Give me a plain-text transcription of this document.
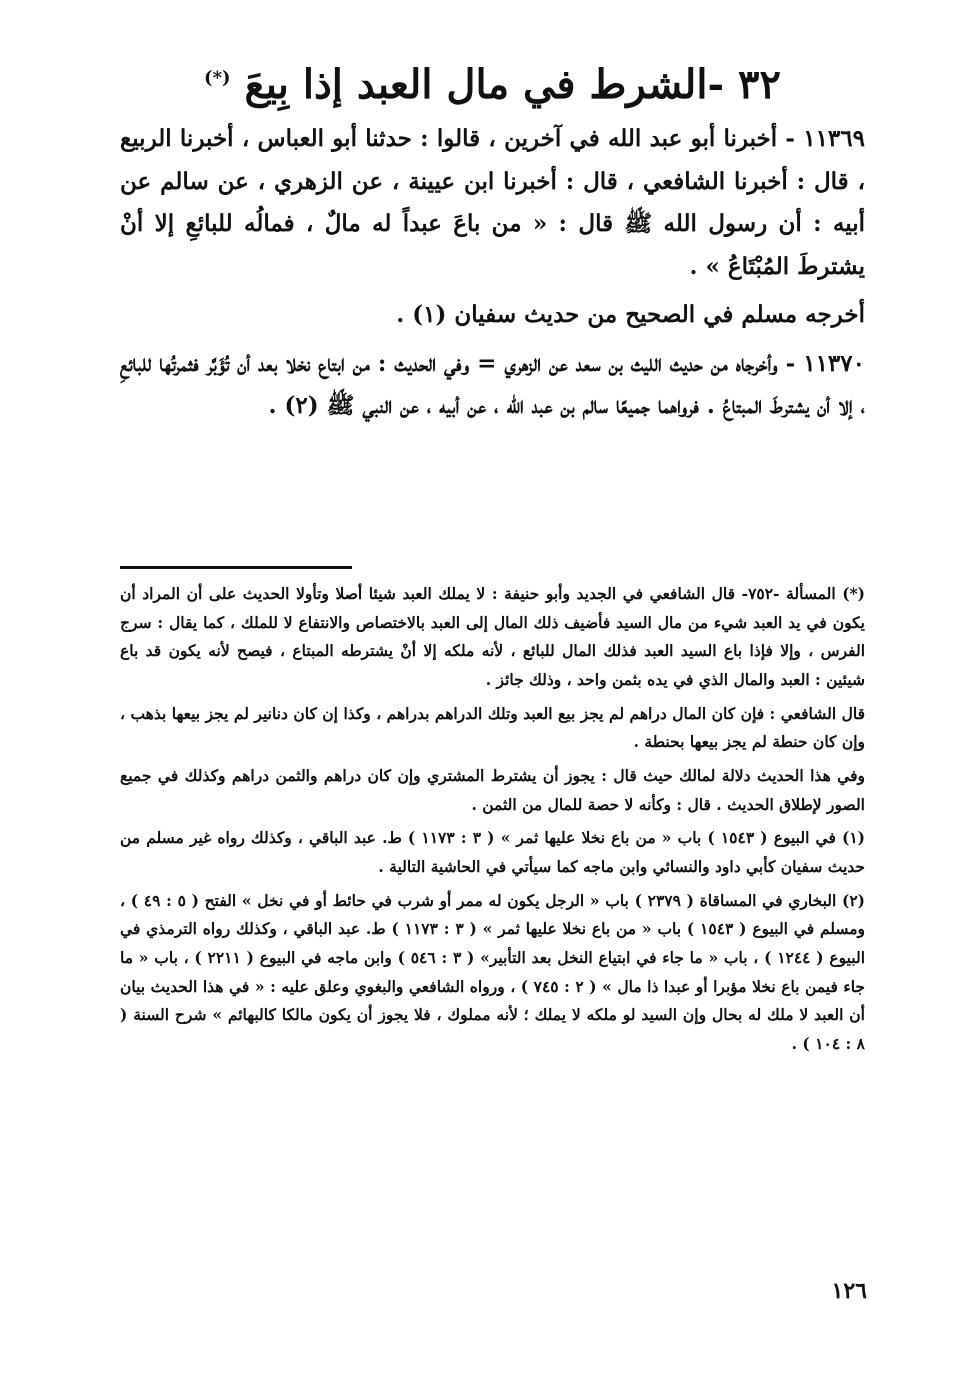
٣٢ -الشرط في مال العبد إذا بِيعَ (*)

١١٣٦٩ - أخبرنا أبو عبد الله في آخرين ، قالوا : حدثنا أبو العباس ، أخبرنا الربيع ، قال : أخبرنا الشافعي ، قال : أخبرنا ابن عيينة ، عن الزهري ، عن سالم عن أبيه : أن رسول الله ﷺ قال : « من باعَ عبداً له مالٌ ، فمالُه للبائعِ إلا أنْ يشترطَ المُبْتَاعُ » .

أخرجه مسلم في الصحيح من حديث سفيان (١) .

١١٣٧٠ - وأخرجاه من حديث الليث بن سعد عن الزهري = وفي الحديث : من ابتاع نخلا بعد أن تُؤَبَّر فثمرتُها للبائعِ ، إلا أن يشترطَ المبتاعُ . فرواهما جميعًا سالم بن عبد الله ، عن أبيه ، عن النبي ﷺ (٢) .

(*) المسألة -٧٥٢- قال الشافعي في الجديد وأبو حنيفة : لا يملك العبد شيئا أصلا وتأولا الحديث على أن المراد أن يكون في يد العبد شيء من مال السيد فأضيف ذلك المال إلى العبد بالاختصاص والانتفاع لا للملك ، كما يقال : سرج الفرس ، وإلا فإذا باع السيد العبد فذلك المال للبائع ، لأنه ملكه إلا أنْ يشترطه المبتاع ، فيصح لأنه يكون قد باع شيئين : العبد والمال الذي في يده بثمن واحد ، وذلك جائز .

قال الشافعي : فإن كان المال دراهم لم يجز بيع العبد وتلك الدراهم بدراهم ، وكذا إن كان دنانير لم يجز بيعها بذهب ، وإن كان حنطة لم يجز بيعها بحنطة .

وفي هذا الحديث دلالة لمالك حيث قال : يجوز أن يشترط المشتري وإن كان دراهم والثمن دراهم وكذلك في جميع الصور لإطلاق الحديث . قال : وكأنه لا حصة للمال من الثمن .

(١) في البيوع ( ١٥٤٣ ) باب « من باع نخلا عليها ثمر » ( ٣ : ١١٧٣ ) ط. عبد الباقي ، وكذلك رواه غير مسلم من حديث سفيان كأبي داود والنسائي وابن ماجه كما سيأتي في الحاشية التالية .

(٢) البخاري في المساقاة ( ٢٣٧٩ ) باب « الرجل يكون له ممر أو شرب في حائط أو في نخل » الفتح ( ٥ : ٤٩ ) ، ومسلم في البيوع ( ١٥٤٣ ) باب « من باع نخلا عليها ثمر » ( ٣ : ١١٧٣ ) ط. عبد الباقي ، وكذلك رواه الترمذي في البيوع ( ١٢٤٤ ) ، باب « ما جاء في ابتياع النخل بعد التأبير» ( ٣ : ٥٤٦ ) وابن ماجه في البيوع ( ٢٢١١ ) ، باب « ما جاء فيمن باع نخلا مؤبرا أو عبدا ذا مال » ( ٢ : ٧٤٥ ) ، ورواه الشافعي والبغوي وعلق عليه : « في هذا الحديث بيان أن العبد لا ملك له بحال وإن السيد لو ملكه لا يملك ؛ لأنه مملوك ، فلا يجوز أن يكون مالكا كالبهائم » شرح السنة ( ٨ : ١٠٤ ) .

١٢٦
